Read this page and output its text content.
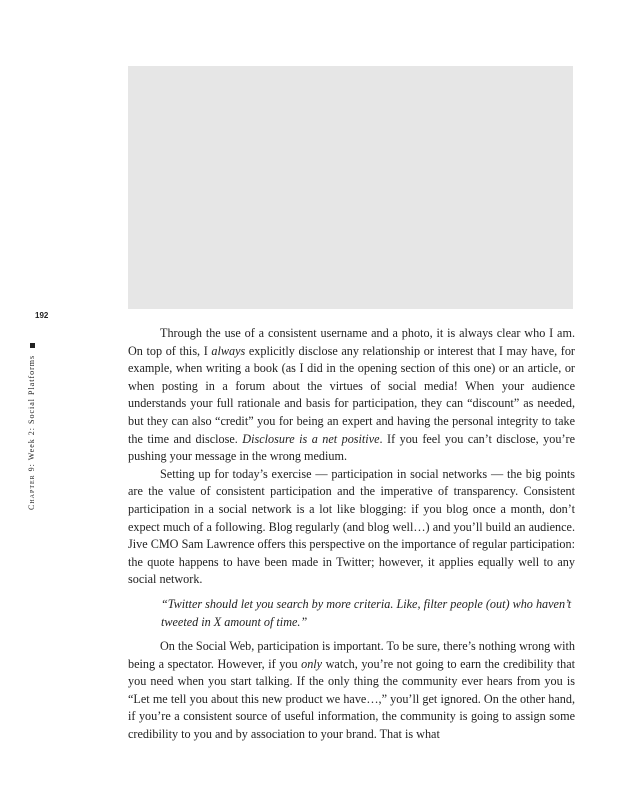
192
Chapter 9: Week 2: Social Platforms

Through the use of a consistent username and a photo, it is always clear who I am. On top of this, I always explicitly disclose any relationship or interest that I may have, for example, when writing a book (as I did in the opening section of this one) or an article, or when posting in a forum about the virtues of social media! When your audience understands your full rationale and basis for participation, they can “discount” as needed, but they can also “credit” you for being an expert and having the personal integrity to take the time and disclose. Disclosure is a net positive. If you feel you can’t disclose, you’re pushing your message in the wrong medium.

Setting up for today’s exercise — participation in social networks — the big points are the value of consistent participation and the imperative of transparency. Consistent participation in a social network is a lot like blogging: if you blog once a month, don’t expect much of a following. Blog regularly (and blog well…) and you’ll build an audience. Jive CMO Sam Lawrence offers this perspective on the importance of regular participation: the quote happens to have been made in Twitter; however, it applies equally well to any social network.

“Twitter should let you search by more criteria. Like, filter people (out) who haven’t tweeted in X amount of time.”

On the Social Web, participation is important. To be sure, there’s nothing wrong with being a spectator. However, if you only watch, you’re not going to earn the credibility that you need when you start talking. If the only thing the community ever hears from you is “Let me tell you about this new product we have…,” you’ll get ignored. On the other hand, if you’re a consistent source of useful information, the community is going to assign some credibility to you and by association to your brand. That is what
